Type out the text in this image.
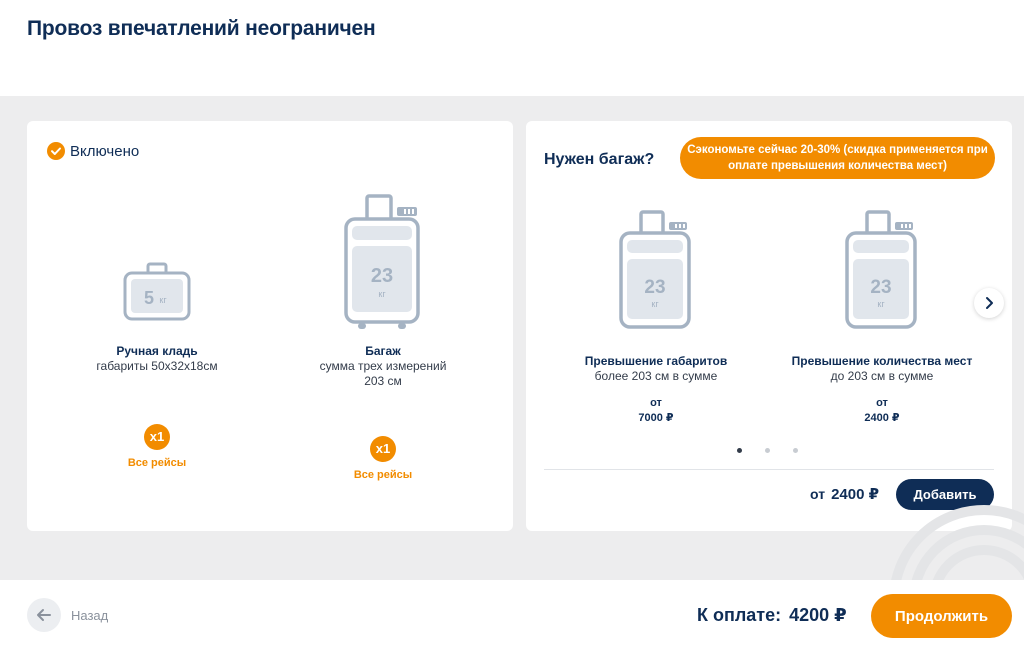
Провоз впечатлений неограничен
Включено
5 кг
Ручная кладь
габариты 50x32x18см
x1
Все рейсы
23
кг
Багаж
сумма трех измерений
203 см
x1
Все рейсы
Нужен багаж?
Сэкономьте сейчас 20-30% (скидка применяется при оплате превышения количества мест)
23
кг
Превышение габаритов
более 203 см в сумме
от
7000 ₽
23
кг
Превышение количества мест
до 203 см в сумме
от
2400 ₽
от 2400 ₽	Добавить
Назад	К оплате: 4200 ₽	Продолжить
